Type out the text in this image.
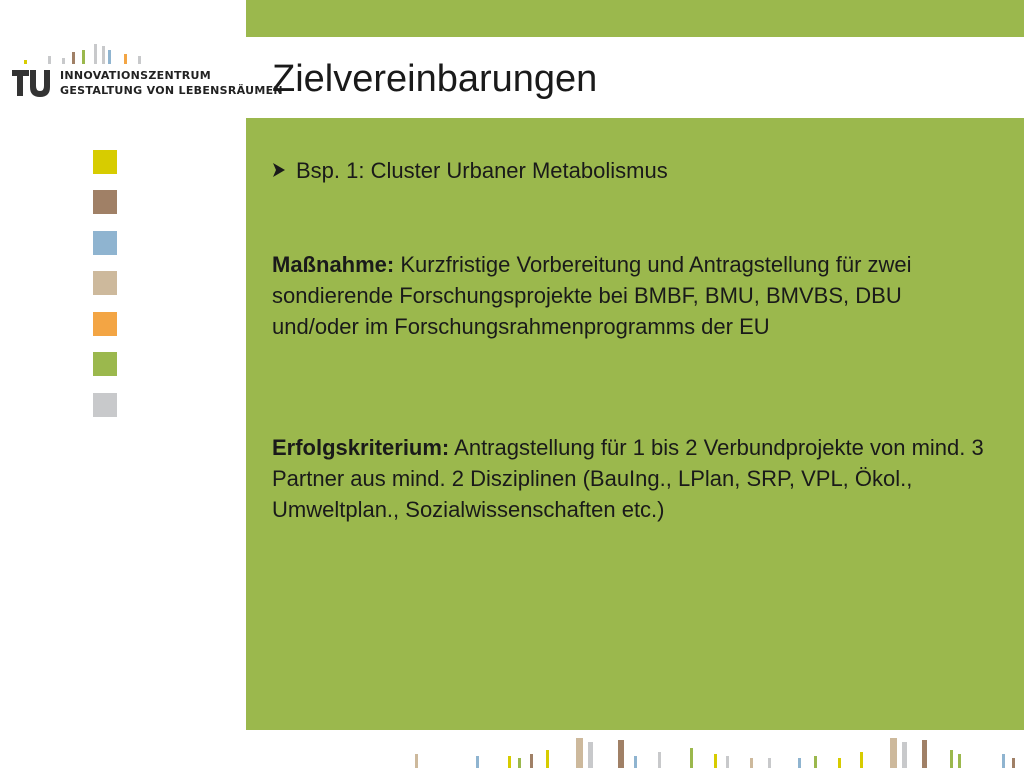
INNOVATIONSZENTRUM
GESTALTUNG VON LEBENSRÄUMEN
Zielvereinbarungen

Bsp. 1: Cluster Urbaner Metabolismus

Maßnahme: Kurzfristige Vorbereitung und Antragstellung für zwei sondierende Forschungsprojekte bei BMBF, BMU, BMVBS, DBU und/oder im Forschungsrahmenprogramms der EU

Erfolgskriterium: Antragstellung für 1 bis 2 Verbundprojekte von mind. 3 Partner aus mind. 2 Disziplinen (BauIng., LPlan, SRP, VPL, Ökol., Umweltplan., Sozialwissenschaften etc.)
